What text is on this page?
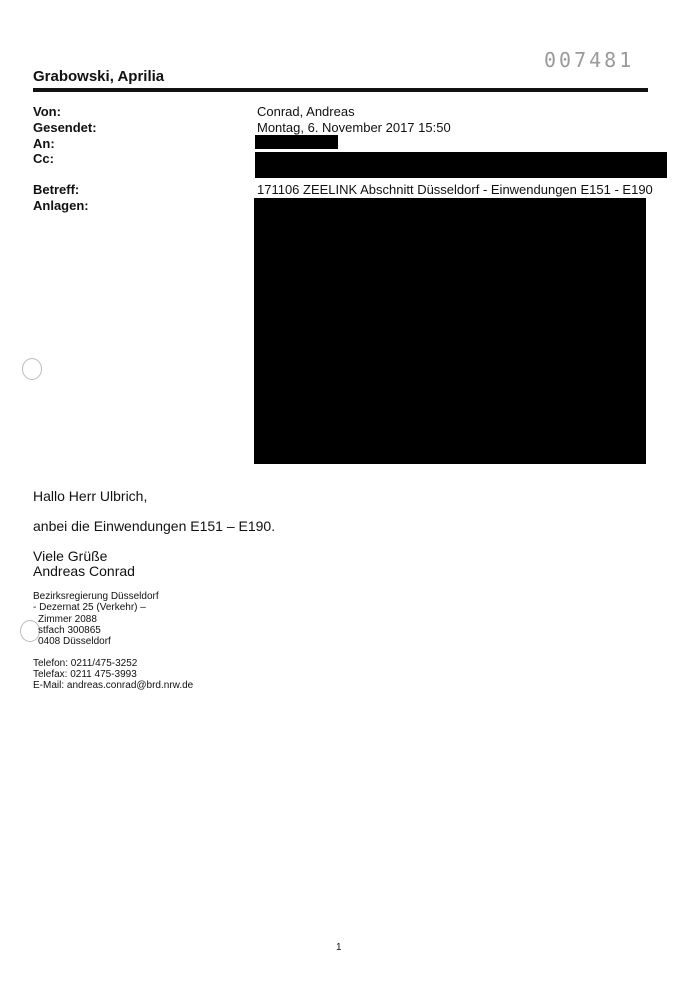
007481
Grabowski, Aprilia
Von:	Conrad, Andreas
Gesendet:	Montag, 6. November 2017 15:50
An:
Cc:
Betreff:	171106 ZEELINK Abschnitt Düsseldorf - Einwendungen E151 - E190
Anlagen:
Hallo Herr Ulbrich,
anbei die Einwendungen E151 – E190.
Viele Grüße
Andreas Conrad
Bezirksregierung Düsseldorf
- Dezernat 25 (Verkehr) –
Zimmer 2088
stfach 300865
0408 Düsseldorf
Telefon: 0211/475-3252
Telefax: 0211 475-3993
E-Mail: andreas.conrad@brd.nrw.de
1
